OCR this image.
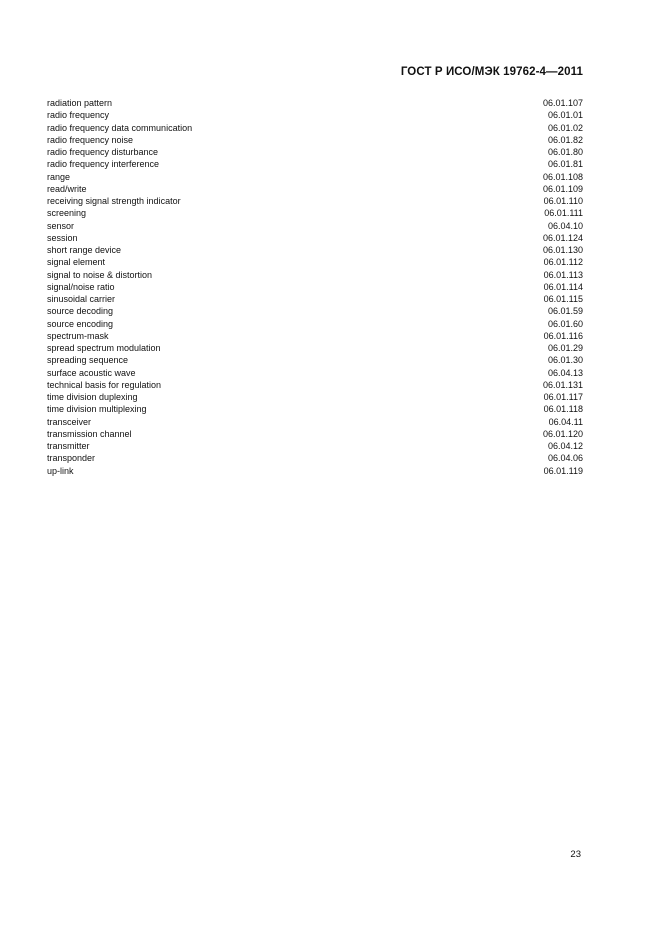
ГОСТ Р ИСО/МЭК 19762-4—2011
radiation pattern	06.01.107
radio frequency	06.01.01
radio frequency data communication	06.01.02
radio frequency noise	06.01.82
radio frequency disturbance	06.01.80
radio frequency interference	06.01.81
range	06.01.108
read/write	06.01.109
receiving signal strength indicator	06.01.110
screening	06.01.111
sensor	06.04.10
session	06.01.124
short range device	06.01.130
signal element	06.01.112
signal to noise & distortion	06.01.113
signal/noise ratio	06.01.114
sinusoidal carrier	06.01.115
source decoding	06.01.59
source encoding	06.01.60
spectrum-mask	06.01.116
spread spectrum modulation	06.01.29
spreading sequence	06.01.30
surface acoustic wave	06.04.13
technical basis for regulation	06.01.131
time division duplexing	06.01.117
time division multiplexing	06.01.118
transceiver	06.04.11
transmission channel	06.01.120
transmitter	06.04.12
transponder	06.04.06
up-link	06.01.119
23
